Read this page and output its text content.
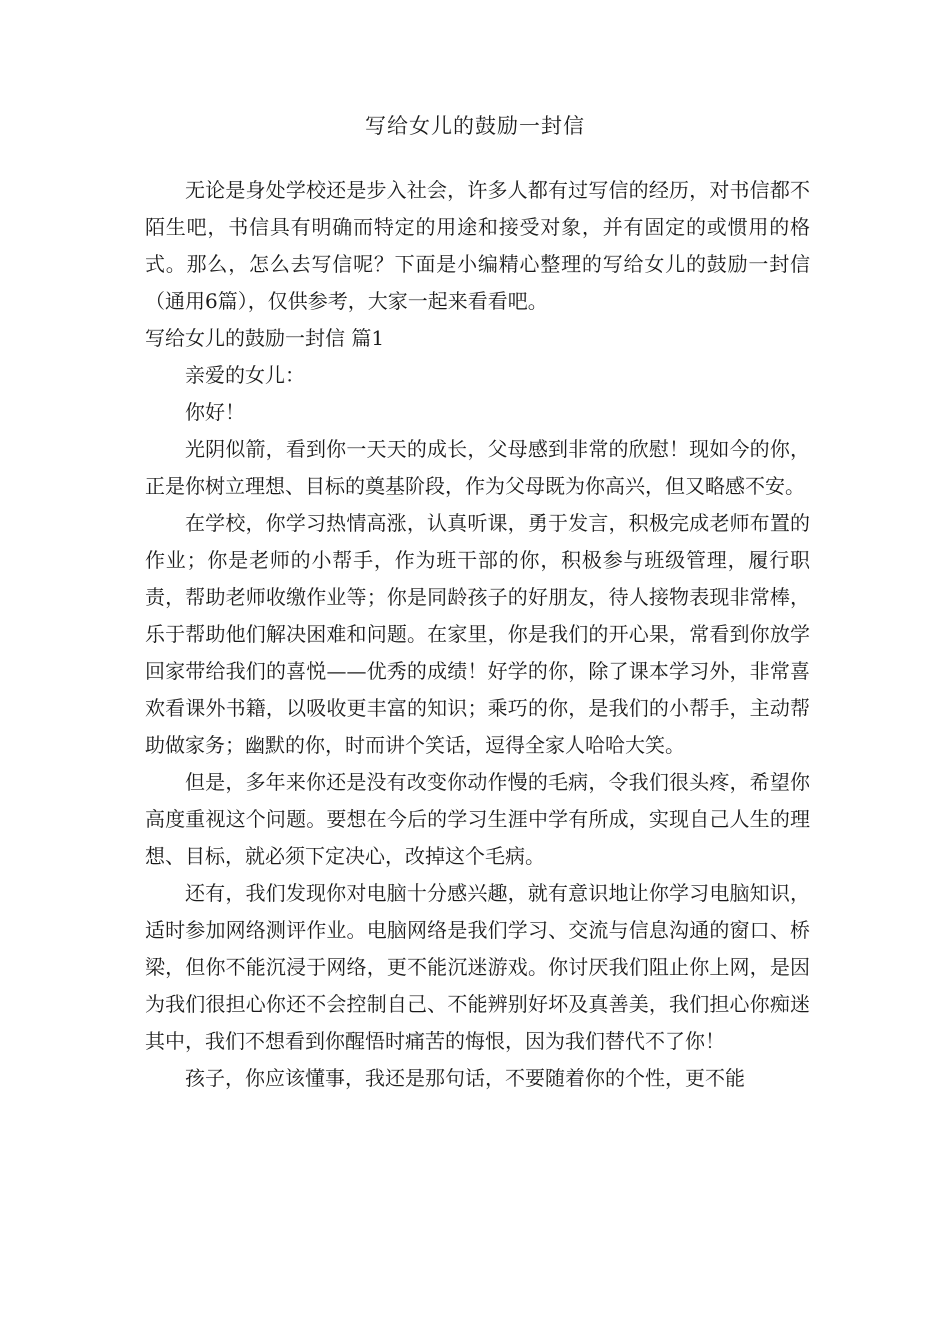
写给女儿的鼓励一封信

无论是身处学校还是步入社会，许多人都有过写信的经历，对书信都不陌生吧，书信具有明确而特定的用途和接受对象，并有固定的或惯用的格式。那么，怎么去写信呢？下面是小编精心整理的写给女儿的鼓励一封信（通用6篇），仅供参考，大家一起来看看吧。

写给女儿的鼓励一封信 篇1

亲爱的女儿：

你好！

光阴似箭，看到你一天天的成长，父母感到非常的欣慰！现如今的你，正是你树立理想、目标的奠基阶段，作为父母既为你高兴，但又略感不安。

在学校，你学习热情高涨，认真听课，勇于发言，积极完成老师布置的作业；你是老师的小帮手，作为班干部的你，积极参与班级管理，履行职责，帮助老师收缴作业等；你是同龄孩子的好朋友，待人接物表现非常棒，乐于帮助他们解决困难和问题。在家里，你是我们的开心果，常看到你放学回家带给我们的喜悦——优秀的成绩！好学的你，除了课本学习外，非常喜欢看课外书籍，以吸收更丰富的知识；乘巧的你，是我们的小帮手，主动帮助做家务；幽默的你，时而讲个笑话，逗得全家人哈哈大笑。

但是，多年来你还是没有改变你动作慢的毛病，令我们很头疼，希望你高度重视这个问题。要想在今后的学习生涯中学有所成，实现自己人生的理想、目标，就必须下定决心，改掉这个毛病。

还有，我们发现你对电脑十分感兴趣，就有意识地让你学习电脑知识，适时参加网络测评作业。电脑网络是我们学习、交流与信息沟通的窗口、桥梁，但你不能沉浸于网络，更不能沉迷游戏。你讨厌我们阻止你上网，是因为我们很担心你还不会控制自己、不能辨别好坏及真善美，我们担心你痴迷其中，我们不想看到你醒悟时痛苦的悔恨，因为我们替代不了你！

孩子，你应该懂事，我还是那句话，不要随着你的个性，更不能
